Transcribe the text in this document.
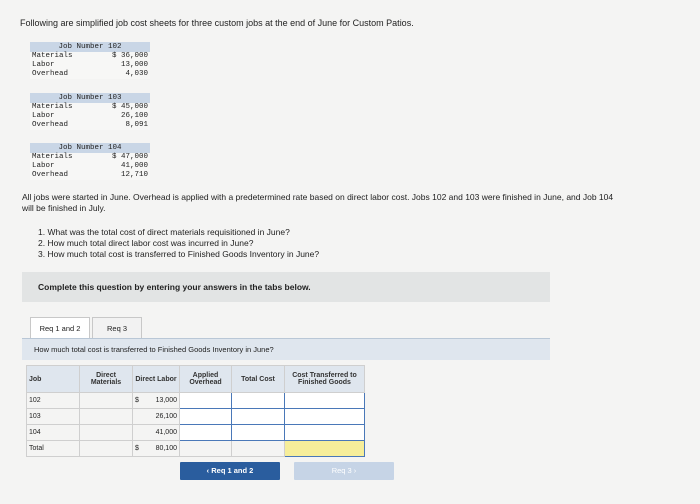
Following are simplified job cost sheets for three custom jobs at the end of June for Custom Patios.
Job Number 102
Materials	$ 36,000
Labor	13,000
Overhead	4,030
Job Number 103
Materials	$ 45,000
Labor	26,100
Overhead	8,091
Job Number 104
Materials	$ 47,000
Labor	41,000
Overhead	12,710
All jobs were started in June. Overhead is applied with a predetermined rate based on direct labor cost. Jobs 102 and 103 were finished in June, and Job 104 will be finished in July.
1. What was the total cost of direct materials requisitioned in June?
2. How much total direct labor cost was incurred in June?
3. How much total cost is transferred to Finished Goods Inventory in June?
Complete this question by entering your answers in the tabs below.
Req 1 and 2	Req 3
How much total cost is transferred to Finished Goods Inventory in June?
Job	Direct Materials	Direct Labor	Applied Overhead	Total Cost	Cost Transferred to Finished Goods
102		$ 13,000			

103		26,100			

104		41,000			

Total		$ 80,100			

‹ Req 1 and 2	Req 3 ›
